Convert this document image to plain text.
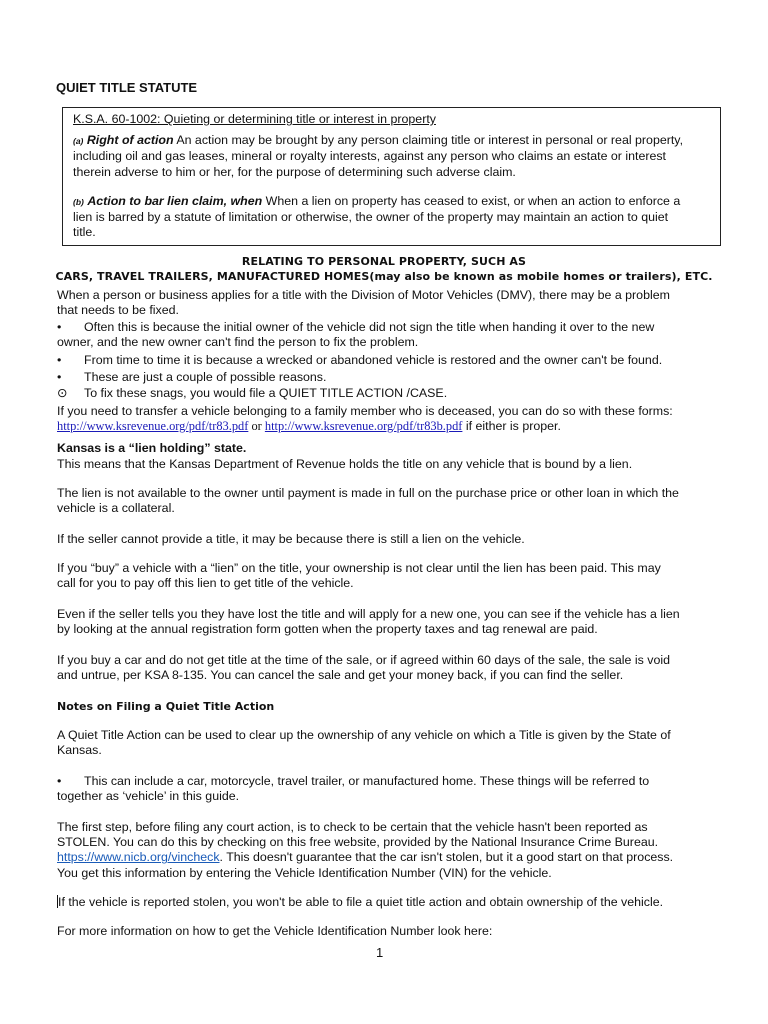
QUIET TITLE STATUTE
K.S.A. 60-1002: Quieting or determining title or interest in property
(a) Right of action An action may be brought by any person claiming title or interest in personal or real property,
including oil and gas leases, mineral or royalty interests, against any person who claims an estate or interest
therein adverse to him or her, for the purpose of determining such adverse claim.
(b) Action to bar lien claim, when When a lien on property has ceased to exist, or when an action to enforce a
lien is barred by a statute of limitation or otherwise, the owner of the property may maintain an action to quiet
title.
RELATING TO PERSONAL PROPERTY, SUCH AS
CARS, TRAVEL TRAILERS, MANUFACTURED HOMES(may also be known as mobile homes or trailers), ETC.
When a person or business applies for a title with the Division of Motor Vehicles (DMV), there may be a problem
that needs to be fixed.
• Often this is because the initial owner of the vehicle did not sign the title when handing it over to the new
owner, and the new owner can't find the person to fix the problem.
• From time to time it is because a wrecked or abandoned vehicle is restored and the owner can't be found.
• These are just a couple of possible reasons.
⊙ To fix these snags, you would file a QUIET TITLE ACTION /CASE.
If you need to transfer a vehicle belonging to a family member who is deceased, you can do so with these forms:
http://www.ksrevenue.org/pdf/tr83.pdf or http://www.ksrevenue.org/pdf/tr83b.pdf if either is proper.
Kansas is a “lien holding” state.
This means that the Kansas Department of Revenue holds the title on any vehicle that is bound by a lien.
The lien is not available to the owner until payment is made in full on the purchase price or other loan in which the
vehicle is a collateral.
If the seller cannot provide a title, it may be because there is still a lien on the vehicle.
If you “buy” a vehicle with a “lien” on the title, your ownership is not clear until the lien has been paid. This may
call for you to pay off this lien to get title of the vehicle.
Even if the seller tells you they have lost the title and will apply for a new one, you can see if the vehicle has a lien
by looking at the annual registration form gotten when the property taxes and tag renewal are paid.
If you buy a car and do not get title at the time of the sale, or if agreed within 60 days of the sale, the sale is void
and untrue, per KSA 8-135. You can cancel the sale and get your money back, if you can find the seller.
Notes on Filing a Quiet Title Action
A Quiet Title Action can be used to clear up the ownership of any vehicle on which a Title is given by the State of
Kansas.
• This can include a car, motorcycle, travel trailer, or manufactured home. These things will be referred to
together as ‘vehicle’ in this guide.
The first step, before filing any court action, is to check to be certain that the vehicle hasn't been reported as
STOLEN. You can do this by checking on this free website, provided by the National Insurance Crime Bureau.
https://www.nicb.org/vincheck. This doesn't guarantee that the car isn't stolen, but it a good start on that process.
You get this information by entering the Vehicle Identification Number (VIN) for the vehicle.
If the vehicle is reported stolen, you won't be able to file a quiet title action and obtain ownership of the vehicle.
For more information on how to get the Vehicle Identification Number look here:
1
